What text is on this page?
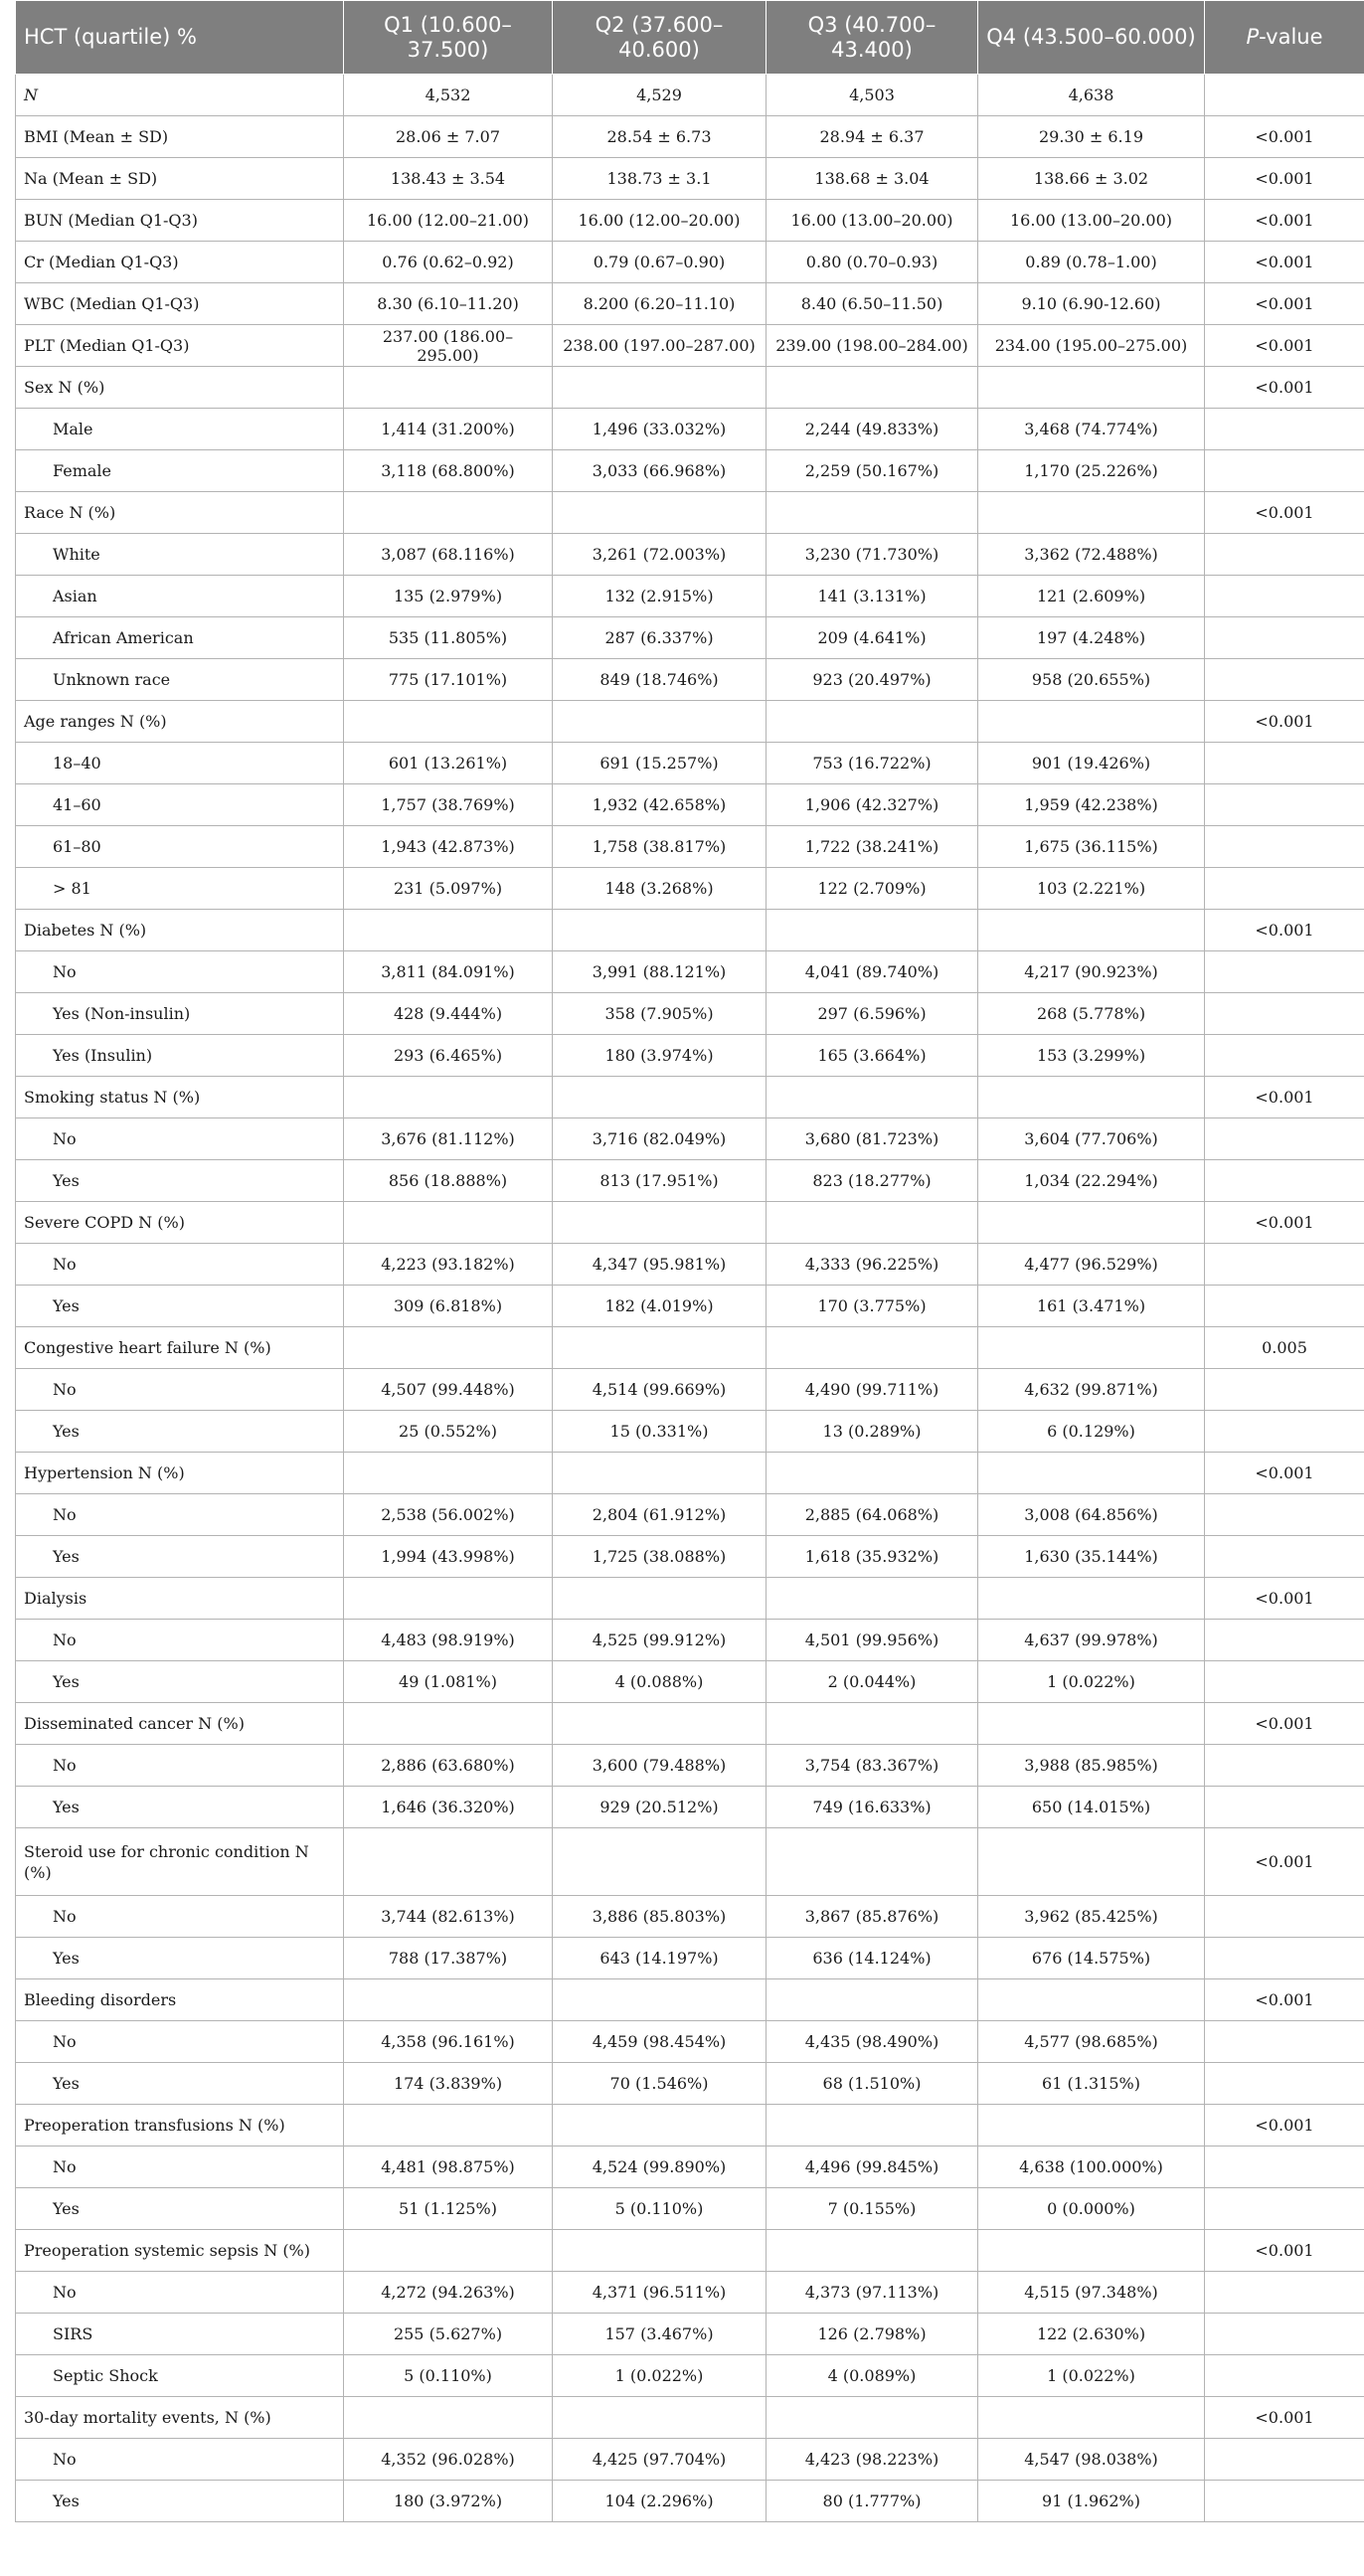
HCT (quartile) %	Q1 (10.600–37.500)	Q2 (37.600–40.600)	Q3 (40.700–43.400)	Q4 (43.500–60.000)	P-value
N	4,532	4,529	4,503	4,638	
BMI (Mean ± SD)	28.06 ± 7.07	28.54 ± 6.73	28.94 ± 6.37	29.30 ± 6.19	<0.001
Na (Mean ± SD)	138.43 ± 3.54	138.73 ± 3.1	138.68 ± 3.04	138.66 ± 3.02	<0.001
BUN (Median Q1-Q3)	16.00 (12.00–21.00)	16.00 (12.00–20.00)	16.00 (13.00–20.00)	16.00 (13.00–20.00)	<0.001
Cr (Median Q1-Q3)	0.76 (0.62–0.92)	0.79 (0.67–0.90)	0.80 (0.70–0.93)	0.89 (0.78–1.00)	<0.001
WBC (Median Q1-Q3)	8.30 (6.10–11.20)	8.200 (6.20–11.10)	8.40 (6.50–11.50)	9.10 (6.90-12.60)	<0.001
PLT (Median Q1-Q3)	237.00 (186.00–295.00)	238.00 (197.00–287.00)	239.00 (198.00–284.00)	234.00 (195.00–275.00)	<0.001
Sex N (%)					<0.001
Male	1,414 (31.200%)	1,496 (33.032%)	2,244 (49.833%)	3,468 (74.774%)	
Female	3,118 (68.800%)	3,033 (66.968%)	2,259 (50.167%)	1,170 (25.226%)	
Race N (%)					<0.001
White	3,087 (68.116%)	3,261 (72.003%)	3,230 (71.730%)	3,362 (72.488%)	
Asian	135 (2.979%)	132 (2.915%)	141 (3.131%)	121 (2.609%)	
African American	535 (11.805%)	287 (6.337%)	209 (4.641%)	197 (4.248%)	
Unknown race	775 (17.101%)	849 (18.746%)	923 (20.497%)	958 (20.655%)	
Age ranges N (%)					<0.001
18–40	601 (13.261%)	691 (15.257%)	753 (16.722%)	901 (19.426%)	
41–60	1,757 (38.769%)	1,932 (42.658%)	1,906 (42.327%)	1,959 (42.238%)	
61–80	1,943 (42.873%)	1,758 (38.817%)	1,722 (38.241%)	1,675 (36.115%)	
> 81	231 (5.097%)	148 (3.268%)	122 (2.709%)	103 (2.221%)	
Diabetes N (%)					<0.001
No	3,811 (84.091%)	3,991 (88.121%)	4,041 (89.740%)	4,217 (90.923%)	
Yes (Non-insulin)	428 (9.444%)	358 (7.905%)	297 (6.596%)	268 (5.778%)	
Yes (Insulin)	293 (6.465%)	180 (3.974%)	165 (3.664%)	153 (3.299%)	
Smoking status N (%)					<0.001
No	3,676 (81.112%)	3,716 (82.049%)	3,680 (81.723%)	3,604 (77.706%)	
Yes	856 (18.888%)	813 (17.951%)	823 (18.277%)	1,034 (22.294%)	
Severe COPD N (%)					<0.001
No	4,223 (93.182%)	4,347 (95.981%)	4,333 (96.225%)	4,477 (96.529%)	
Yes	309 (6.818%)	182 (4.019%)	170 (3.775%)	161 (3.471%)	
Congestive heart failure N (%)					0.005
No	4,507 (99.448%)	4,514 (99.669%)	4,490 (99.711%)	4,632 (99.871%)	
Yes	25 (0.552%)	15 (0.331%)	13 (0.289%)	6 (0.129%)	
Hypertension N (%)					<0.001
No	2,538 (56.002%)	2,804 (61.912%)	2,885 (64.068%)	3,008 (64.856%)	
Yes	1,994 (43.998%)	1,725 (38.088%)	1,618 (35.932%)	1,630 (35.144%)	
Dialysis					<0.001
No	4,483 (98.919%)	4,525 (99.912%)	4,501 (99.956%)	4,637 (99.978%)	
Yes	49 (1.081%)	4 (0.088%)	2 (0.044%)	1 (0.022%)	
Disseminated cancer N (%)					<0.001
No	2,886 (63.680%)	3,600 (79.488%)	3,754 (83.367%)	3,988 (85.985%)	
Yes	1,646 (36.320%)	929 (20.512%)	749 (16.633%)	650 (14.015%)	
Steroid use for chronic condition N (%)					<0.001
No	3,744 (82.613%)	3,886 (85.803%)	3,867 (85.876%)	3,962 (85.425%)	
Yes	788 (17.387%)	643 (14.197%)	636 (14.124%)	676 (14.575%)	
Bleeding disorders					<0.001
No	4,358 (96.161%)	4,459 (98.454%)	4,435 (98.490%)	4,577 (98.685%)	
Yes	174 (3.839%)	70 (1.546%)	68 (1.510%)	61 (1.315%)	
Preoperation transfusions N (%)					<0.001
No	4,481 (98.875%)	4,524 (99.890%)	4,496 (99.845%)	4,638 (100.000%)	
Yes	51 (1.125%)	5 (0.110%)	7 (0.155%)	0 (0.000%)	
Preoperation systemic sepsis N (%)					<0.001
No	4,272 (94.263%)	4,371 (96.511%)	4,373 (97.113%)	4,515 (97.348%)	
SIRS	255 (5.627%)	157 (3.467%)	126 (2.798%)	122 (2.630%)	
Septic Shock	5 (0.110%)	1 (0.022%)	4 (0.089%)	1 (0.022%)	
30-day mortality events, N (%)					<0.001
No	4,352 (96.028%)	4,425 (97.704%)	4,423 (98.223%)	4,547 (98.038%)	
Yes	180 (3.972%)	104 (2.296%)	80 (1.777%)	91 (1.962%)	
